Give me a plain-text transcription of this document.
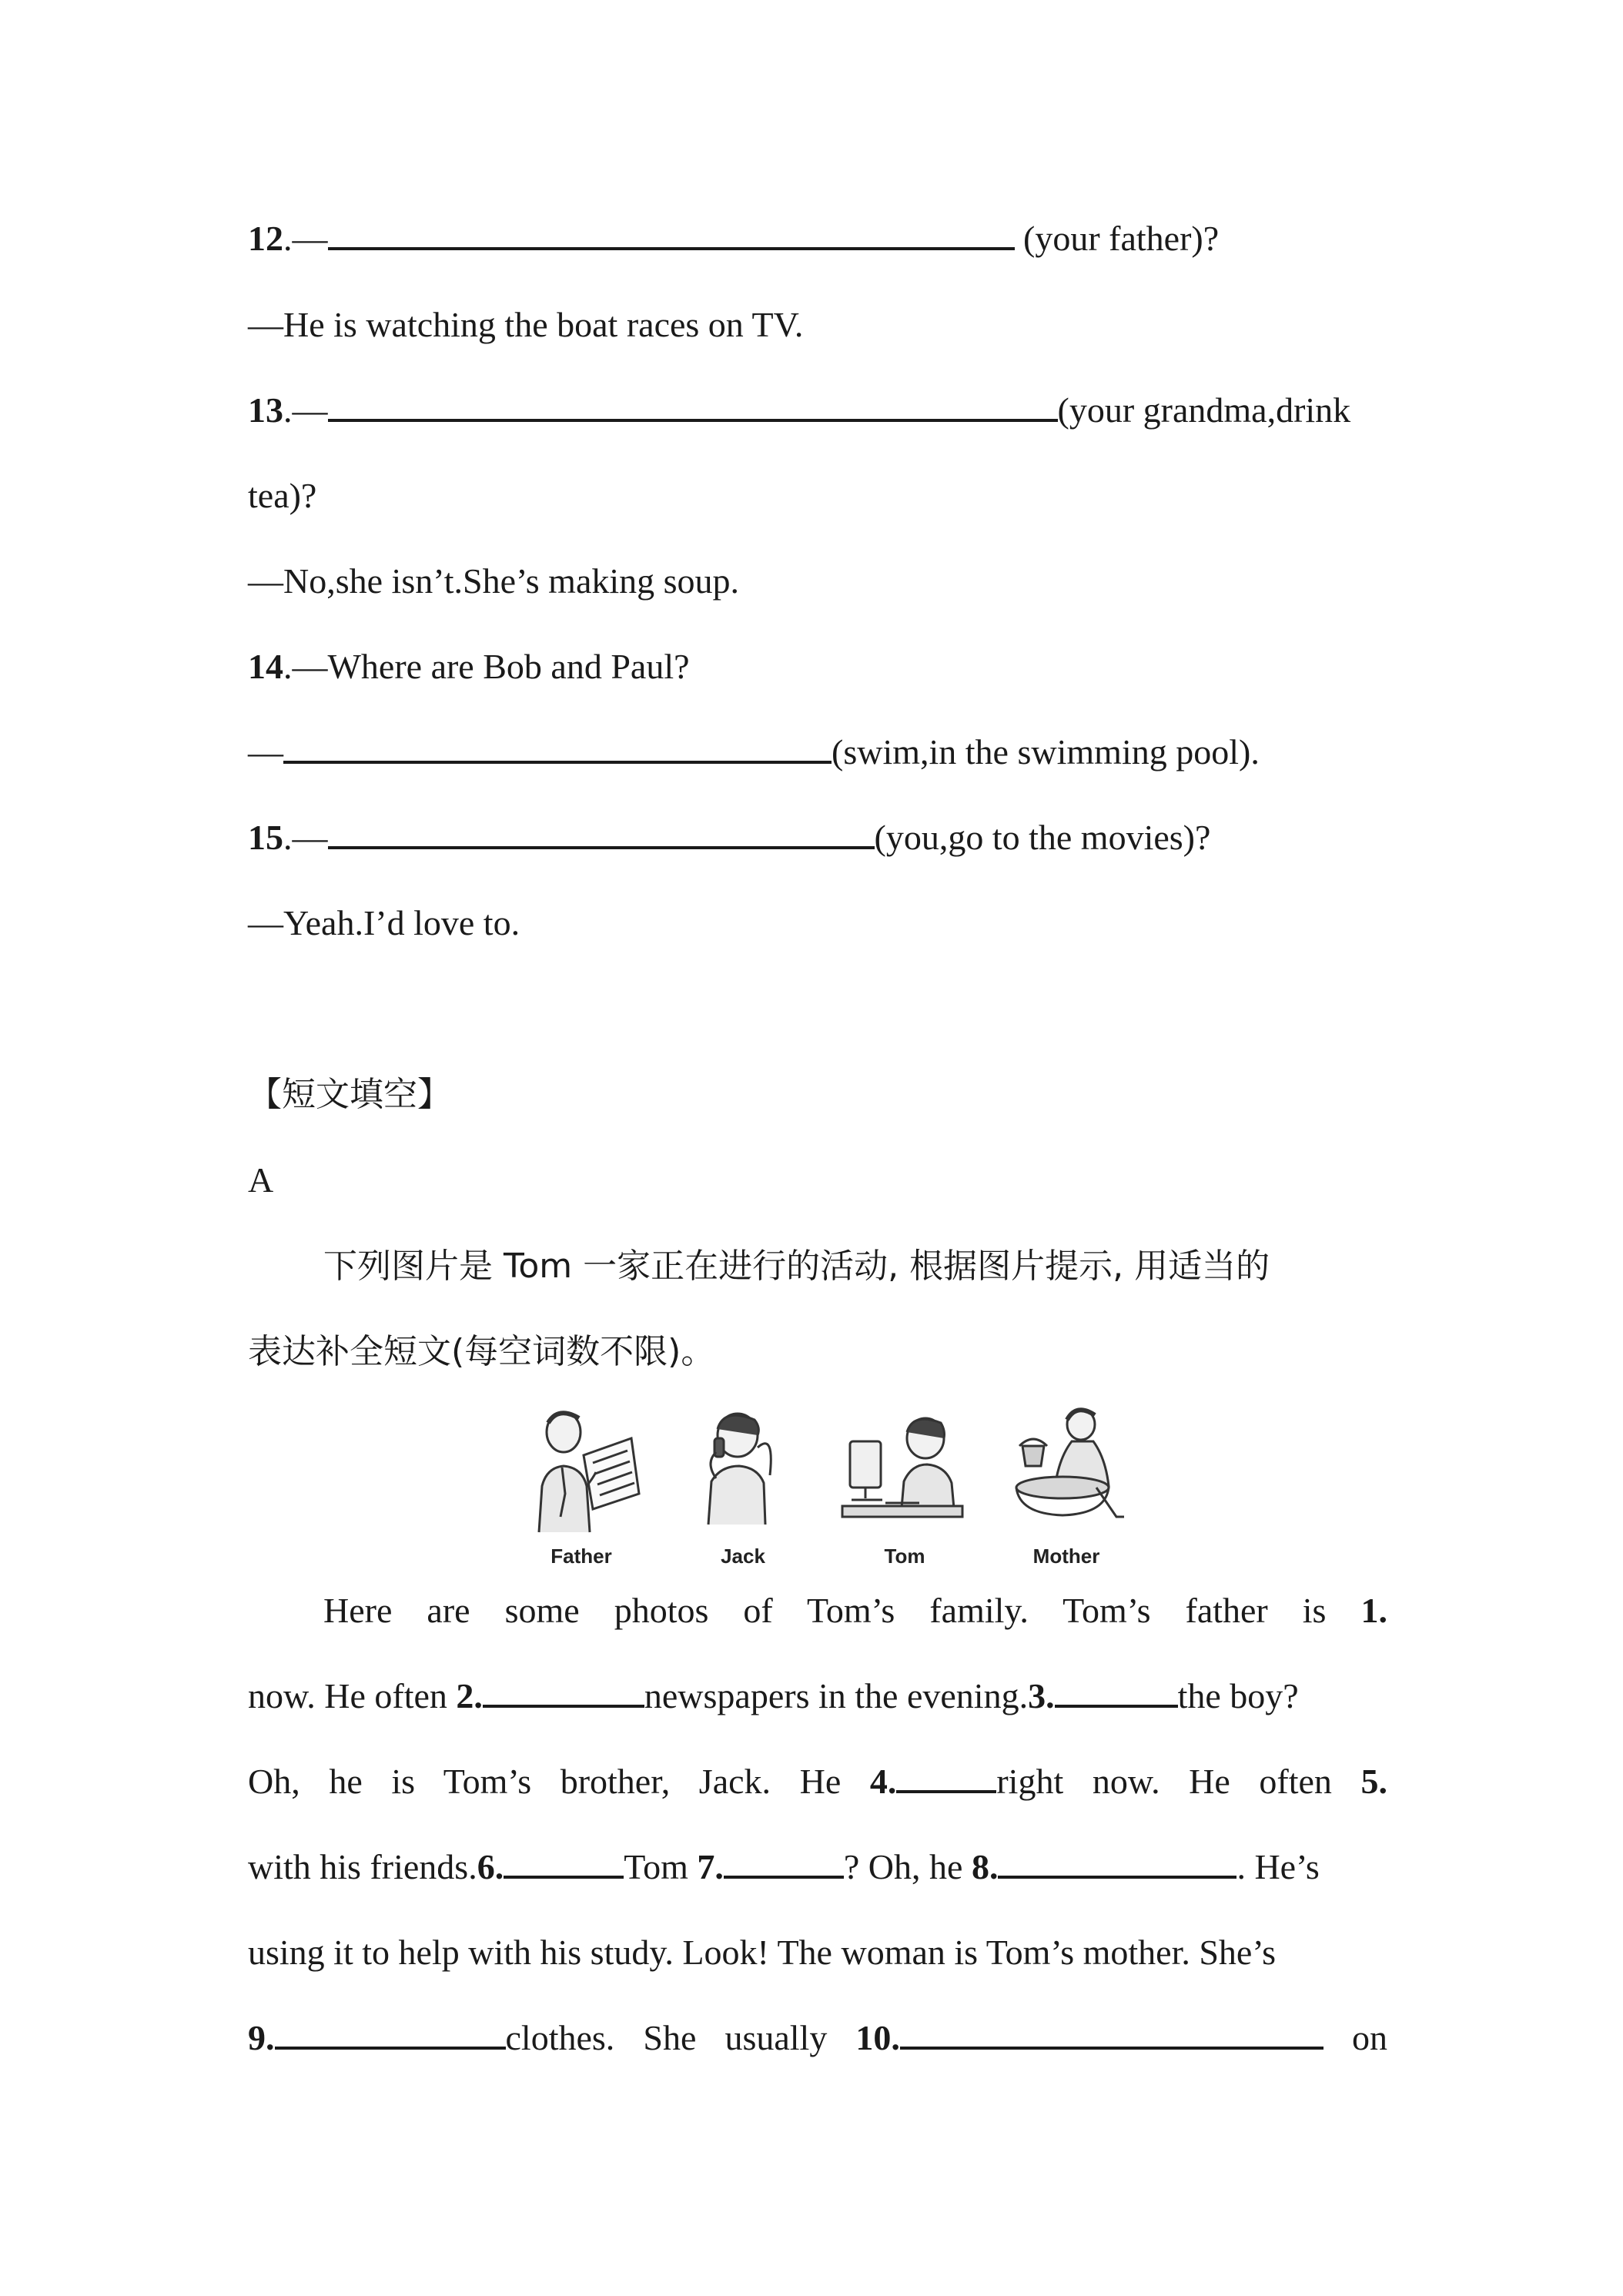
12.—	(your father)?
—He is watching the boat races on TV.
13.—	(your grandma,drink
tea)?
—No,she isn’t.She’s making soup.
14.—Where are Bob and Paul?
—	(swim,in the swimming pool).
15.—	(you,go to the movies)?
—Yeah.I’d love to.
【短文填空】
A
下列图片是 Tom 一家正在进行的活动, 根据图片提示, 用适当的
表达补全短文(每空词数不限)。
Father	Jack	Tom	Mother
Here are some photos of Tom’s family. Tom’s father is 1.
now. He often 2.	newspapers in the evening.3.	the boy?
Oh, he is Tom’s brother, Jack. He 4.	right now. He often 5.
with his friends.6.	Tom 7.	? Oh, he 8.	. He’s
using it to help with his study. Look! The woman is Tom’s mother. She’s
9.	clothes. She usually 10.	on
